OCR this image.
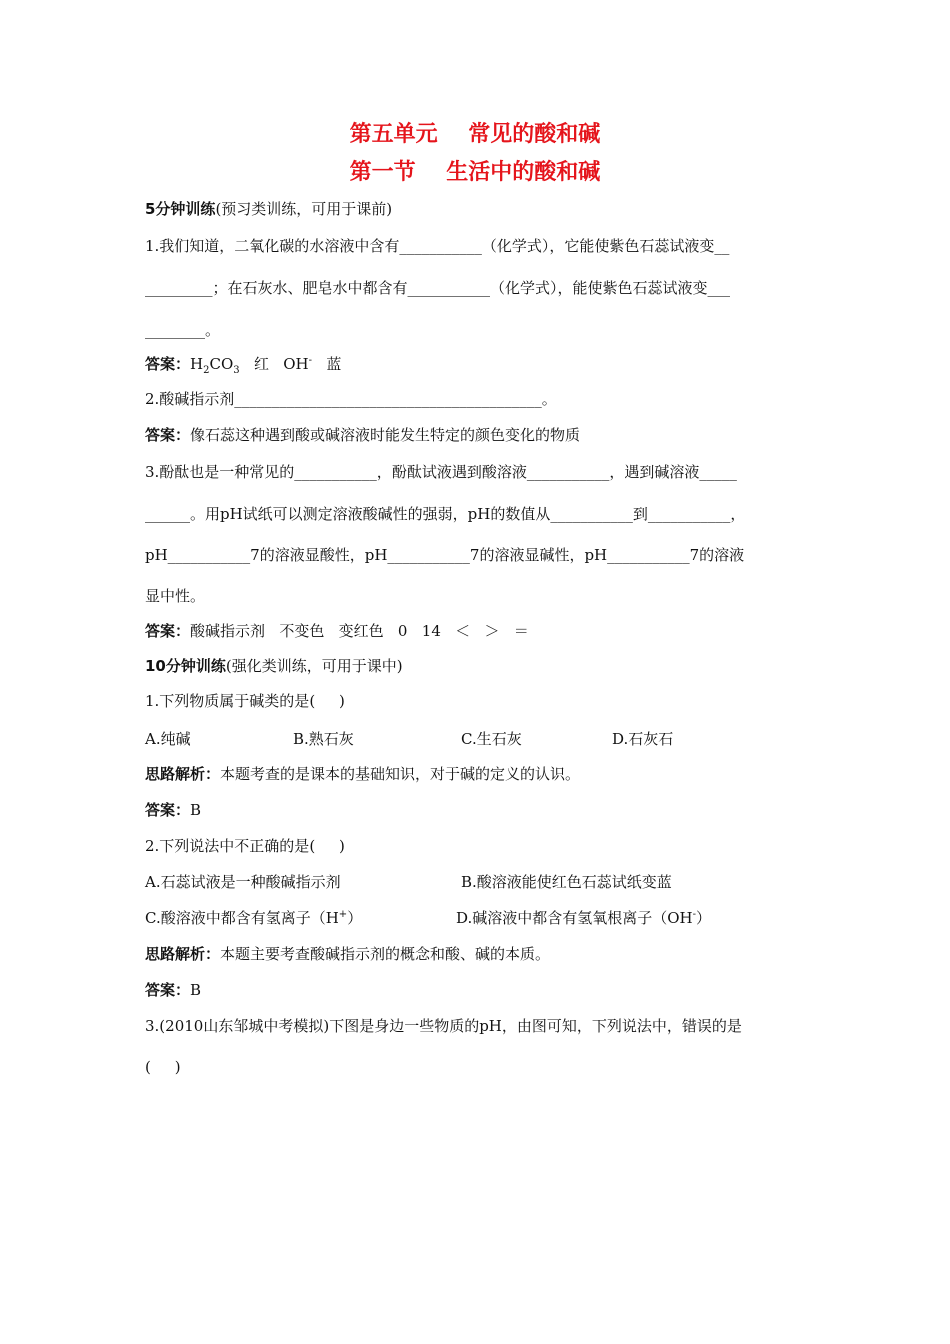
第五单元    常见的酸和碱
第一节    生活中的酸和碱
5分钟训练(预习类训练，可用于课前)
1.我们知道，二氧化碳的水溶液中含有___________（化学式），它能使紫色石蕊试液变__
_________；在石灰水、肥皂水中都含有___________（化学式），能使紫色石蕊试液变___
________。
答案：$H_2CO_3$   红   OH-   蓝
2.酸碱指示剂_________________________________________。
答案：像石蕊这种遇到酸或碱溶液时能发生特定的颜色变化的物质
3.酚酞也是一种常见的___________，酚酞试液遇到酸溶液___________，遇到碱溶液_____
______。用pH试纸可以测定溶液酸碱性的强弱，pH的数值从___________到___________，
pH___________7的溶液显酸性，pH___________7的溶液显碱性，pH___________7的溶液
显中性。
答案：酸碱指示剂   不变色   变红色   0   14   ＜   ＞   ＝
10分钟训练(强化类训练，可用于课中)
1.下列物质属于碱类的是(     )
A.纯碱	B.熟石灰	C.生石灰	D.石灰石
思路解析：本题考查的是课本的基础知识，对于碱的定义的认识。
答案：B
2.下列说法中不正确的是(     )
A.石蕊试液是一种酸碱指示剂	B.酸溶液能使红色石蕊试纸变蓝
C.酸溶液中都含有氢离子（H+）	D.碱溶液中都含有氢氧根离子（OH-）
思路解析：本题主要考查酸碱指示剂的概念和酸、碱的本质。
答案：B
3.(2010山东邹城中考模拟)下图是身边一些物质的pH，由图可知，下列说法中，错误的是
(     )
